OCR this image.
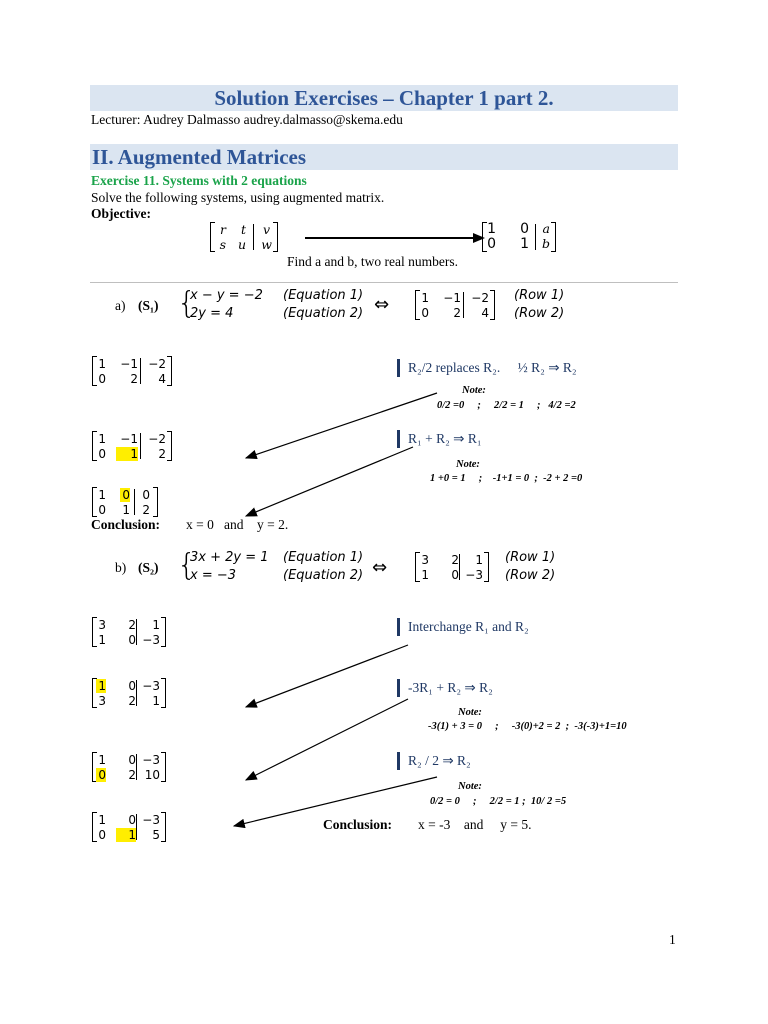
Solution Exercises – Chapter 1 part 2.
Lecturer: Audrey Dalmasso audrey.dalmasso@skema.edu
II. Augmented Matrices
Exercise 11. Systems with 2 equations
Solve the following systems, using augmented matrix.
Objective:
r	t v
s u w
1 0 a
0 1 b
Find a and b, two real numbers.
a) (S₁) {
x − y = −2 (Equation 1)
2y = 4	(Equation 2) ⇔	1	−1 −2
0	2	4
(Row 1)
(Row 2)
1	−1 −2
0	2	4
R₂/2 replaces R₂. ½ R₂ ⇒ R₂
Note:
0/2 =0     ;     2/2 = 1     ;   4/2 =2
1	−1 −2
0	1	2
R₁ + R₂ ⇒ R₁
Note:
1 +0 = 1     ;    -1+1 = 0  ;  -2 + 2 =0
1 0 0
0 1 2
Conclusion: x = 0   and    y = 2.
b) (S₂) {
3x + 2y = 1 (Equation 1)
x = −3	(Equation 2) ⇔	3	2	1
1	0 −3
(Row 1)
(Row 2)
3	2	1
1	0 −3
Interchange R₁ and R₂
1	0 −3
3	2	1
-3R₁ + R₂ ⇒ R₂
Note:
-3(1) + 3 = 0     ;     -3(0)+2 = 2  ;  -3(-3)+1=10
1	0 −3
0	2 10
R₂ / 2 ⇒ R₂
Note:
0/2 = 0     ;     2/2 = 1 ;  10/ 2 =5
1	0 −3
0	1	5
Conclusion: x = -3    and     y = 5.
1
